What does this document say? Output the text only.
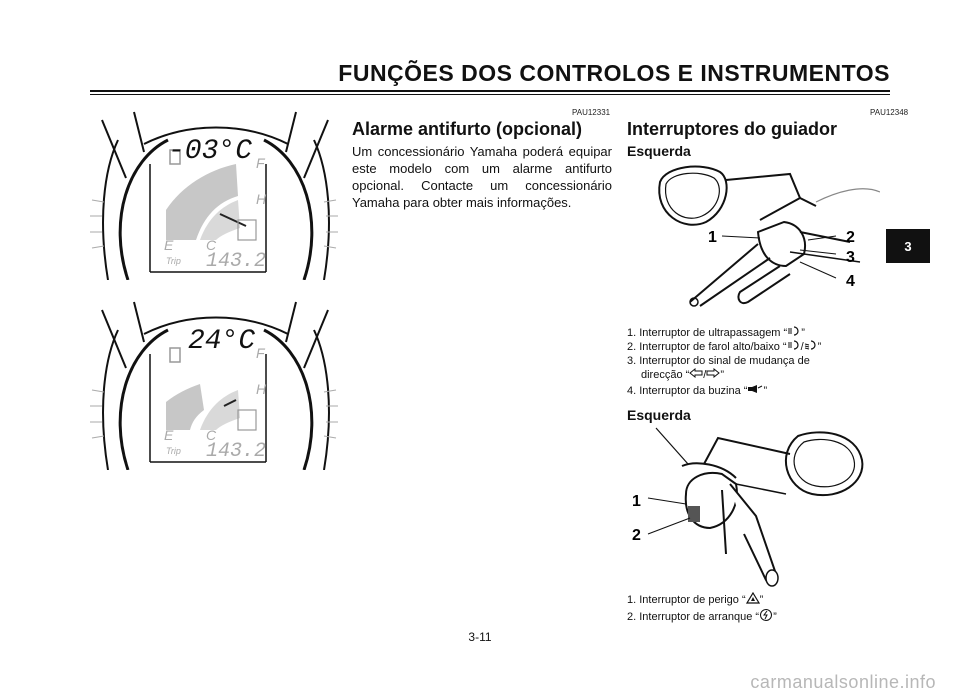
FUNÇÕES DOS CONTROLOS E INSTRUMENTOS
3
-03°C F
H
E C
Trip 143.2
24°C F
H
E C
Trip 143.2
PAU12331
Alarme antifurto (opcional)
Um concessionário Yamaha poderá equipar este modelo com um alarme antifurto opcional. Contacte um concessionário Yamaha para obter mais informações.
PAU12348
Interruptores do guiador
Esquerda
1	2
3
4
1. Interruptor de ultrapassagem “ ”
2. Interruptor de farol alto/baixo “ / ”
3. Interruptor do sinal de mudança de
direcção “ / ”
4. Interruptor da buzina “ ”
Esquerda
1
2
1. Interruptor de perigo “ ”
2. Interruptor de arranque “ ”
3-11
carmanualsonline.info
